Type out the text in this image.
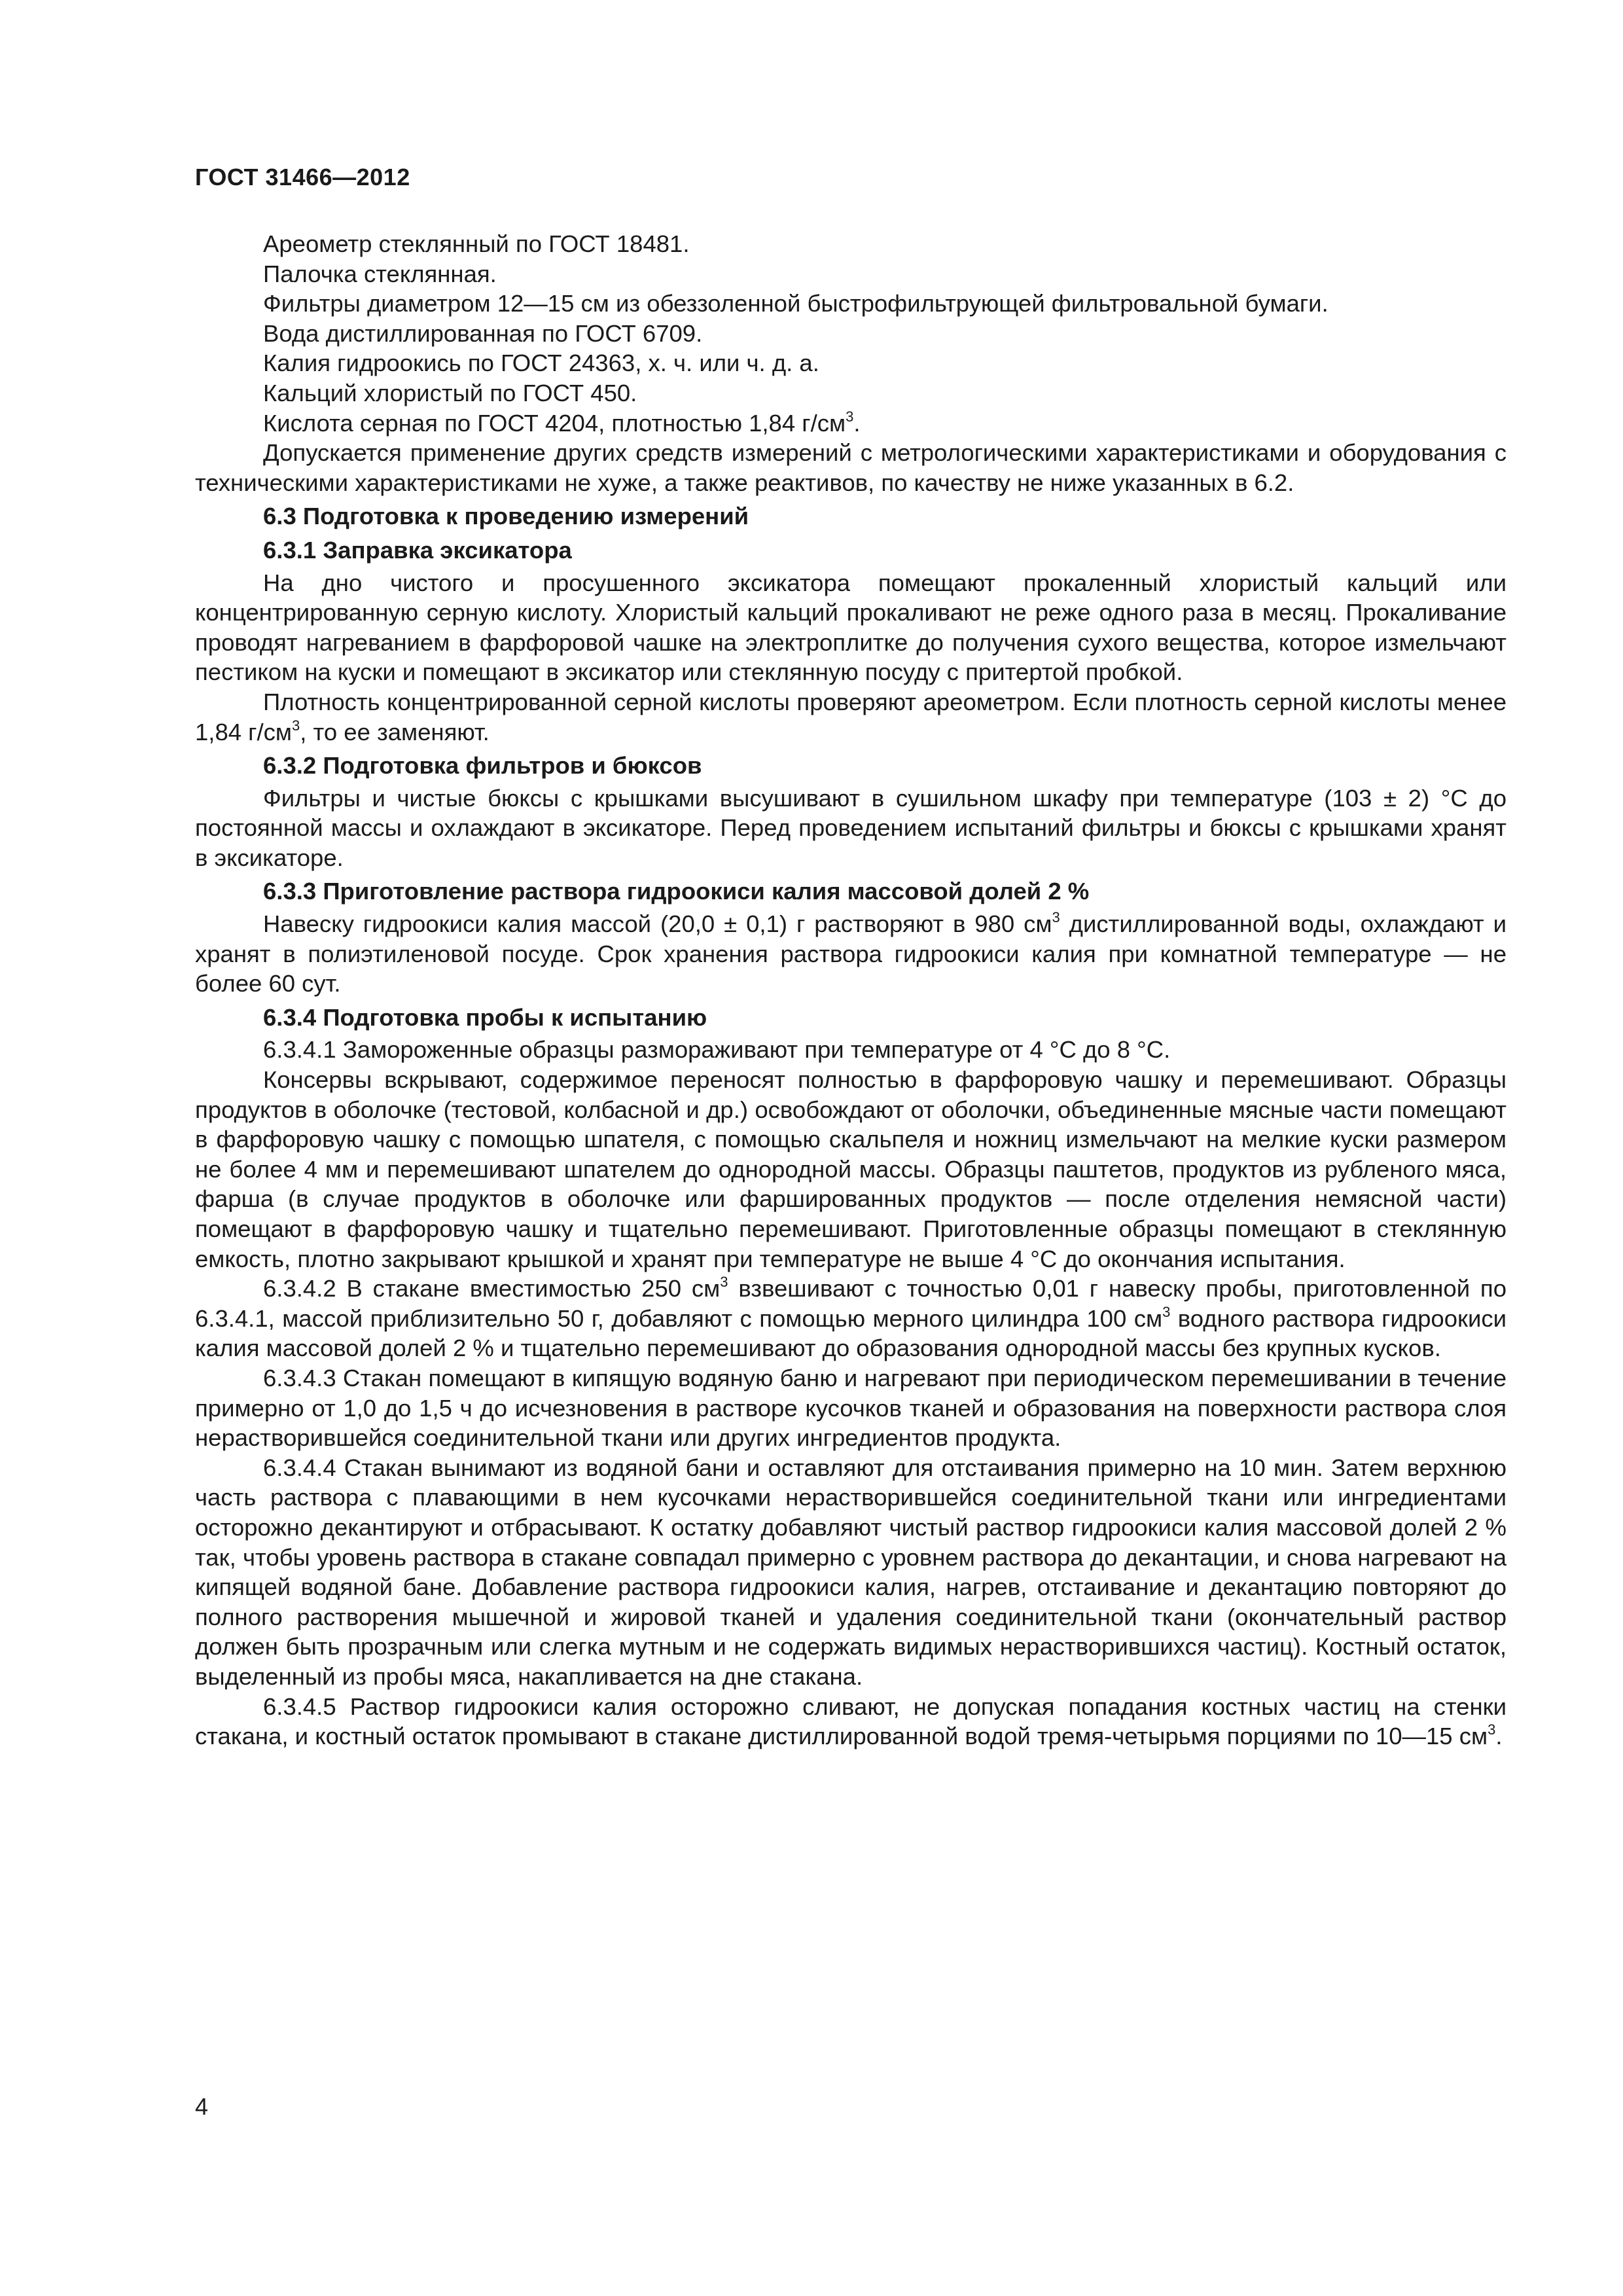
ГОСТ 31466—2012
Ареометр стеклянный по ГОСТ 18481.
Палочка стеклянная.
Фильтры диаметром 12—15 см из обеззоленной быстрофильтрующей фильтровальной бумаги.
Вода дистиллированная по ГОСТ 6709.
Калия гидроокись по ГОСТ 24363, х. ч. или ч. д. а.
Кальций хлористый по ГОСТ 450.
Кислота серная по ГОСТ 4204, плотностью 1,84 $г/см^3$.
Допускается применение других средств измерений с метрологическими характеристиками и оборудования с техническими характеристиками не хуже, а также реактивов, по качеству не ниже указанных в 6.2.
6.3 Подготовка к проведению измерений
6.3.1 Заправка эксикатора
На дно чистого и просушенного эксикатора помещают прокаленный хлористый кальций или концентрированную серную кислоту. Хлористый кальций прокаливают не реже одного раза в месяц. Прокаливание проводят нагреванием в фарфоровой чашке на электроплитке до получения сухого вещества, которое измельчают пестиком на куски и помещают в эксикатор или стеклянную посуду с притертой пробкой.
Плотность концентрированной серной кислоты проверяют ареометром. Если плотность серной кислоты менее 1,84 $г/см^3$, то ее заменяют.
6.3.2 Подготовка фильтров и бюксов
Фильтры и чистые бюксы с крышками высушивают в сушильном шкафу при температуре (103 ± 2) °С до постоянной массы и охлаждают в эксикаторе. Перед проведением испытаний фильтры и бюксы с крышками хранят в эксикаторе.
6.3.3 Приготовление раствора гидроокиси калия массовой долей 2 %
Навеску гидроокиси калия массой (20,0 ± 0,1) г растворяют в 980 $см^3$ дистиллированной воды, охлаждают и хранят в полиэтиленовой посуде. Срок хранения раствора гидроокиси калия при комнатной температуре — не более 60 сут.
6.3.4 Подготовка пробы к испытанию
6.3.4.1 Замороженные образцы размораживают при температуре от 4 °С до 8 °С.
Консервы вскрывают, содержимое переносят полностью в фарфоровую чашку и перемешивают. Образцы продуктов в оболочке (тестовой, колбасной и др.) освобождают от оболочки, объединенные мясные части помещают в фарфоровую чашку с помощью шпателя, с помощью скальпеля и ножниц измельчают на мелкие куски размером не более 4 мм и перемешивают шпателем до однородной массы. Образцы паштетов, продуктов из рубленого мяса, фарша (в случае продуктов в оболочке или фаршированных продуктов — после отделения немясной части) помещают в фарфоровую чашку и тщательно перемешивают. Приготовленные образцы помещают в стеклянную емкость, плотно закрывают крышкой и хранят при температуре не выше 4 °С до окончания испытания.
6.3.4.2 В стакане вместимостью 250 $см^3$ взвешивают с точностью 0,01 г навеску пробы, приготовленной по 6.3.4.1, массой приблизительно 50 г, добавляют с помощью мерного цилиндра 100 $см^3$ водного раствора гидроокиси калия массовой долей 2 % и тщательно перемешивают до образования однородной массы без крупных кусков.
6.3.4.3 Стакан помещают в кипящую водяную баню и нагревают при периодическом перемешивании в течение примерно от 1,0 до 1,5 ч до исчезновения в растворе кусочков тканей и образования на поверхности раствора слоя нерастворившейся соединительной ткани или других ингредиентов продукта.
6.3.4.4 Стакан вынимают из водяной бани и оставляют для отстаивания примерно на 10 мин. Затем верхнюю часть раствора с плавающими в нем кусочками нерастворившейся соединительной ткани или ингредиентами осторожно декантируют и отбрасывают. К остатку добавляют чистый раствор гидроокиси калия массовой долей 2 % так, чтобы уровень раствора в стакане совпадал примерно с уровнем раствора до декантации, и снова нагревают на кипящей водяной бане. Добавление раствора гидроокиси калия, нагрев, отстаивание и декантацию повторяют до полного растворения мышечной и жировой тканей и удаления соединительной ткани (окончательный раствор должен быть прозрачным или слегка мутным и не содержать видимых нерастворившихся частиц). Костный остаток, выделенный из пробы мяса, накапливается на дне стакана.
6.3.4.5 Раствор гидроокиси калия осторожно сливают, не допуская попадания костных частиц на стенки стакана, и костный остаток промывают в стакане дистиллированной водой тремя-четырьмя порциями по 10—15 $см^3$.
4
